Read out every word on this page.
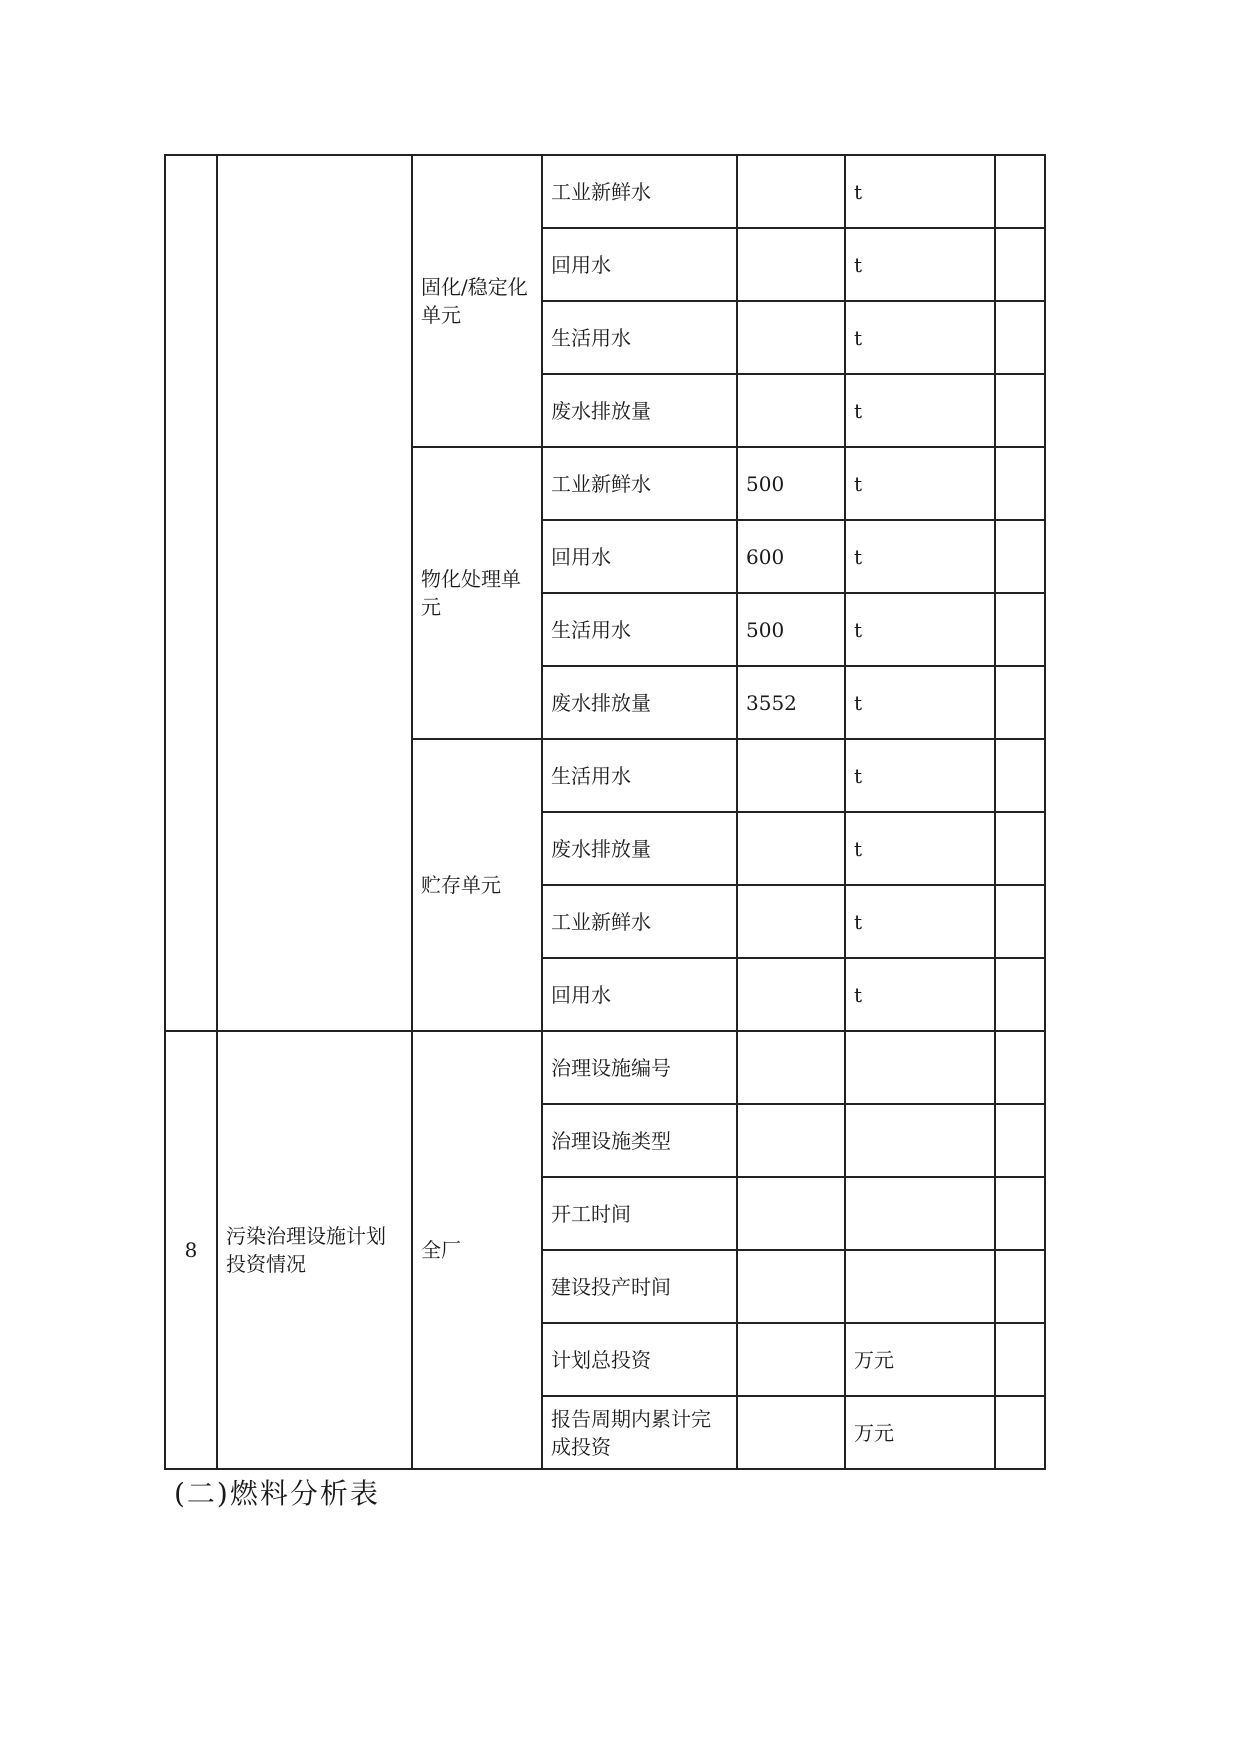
		固化/稳定化单元	工业新鲜水		t	
			回用水		t	
			生活用水		t	
			废水排放量		t	
		物化处理单元	工业新鲜水	500	t	
			回用水	600	t	
			生活用水	500	t	
			废水排放量	3552	t	
		贮存单元	生活用水		t	
			废水排放量		t	
			工业新鲜水		t	
			回用水		t	
8	污染治理设施计划投资情况	全厂	治理设施编号			
			治理设施类型			
			开工时间			
			建设投产时间			
			计划总投资		万元	
			报告周期内累计完成投资		万元	
(二)燃料分析表
